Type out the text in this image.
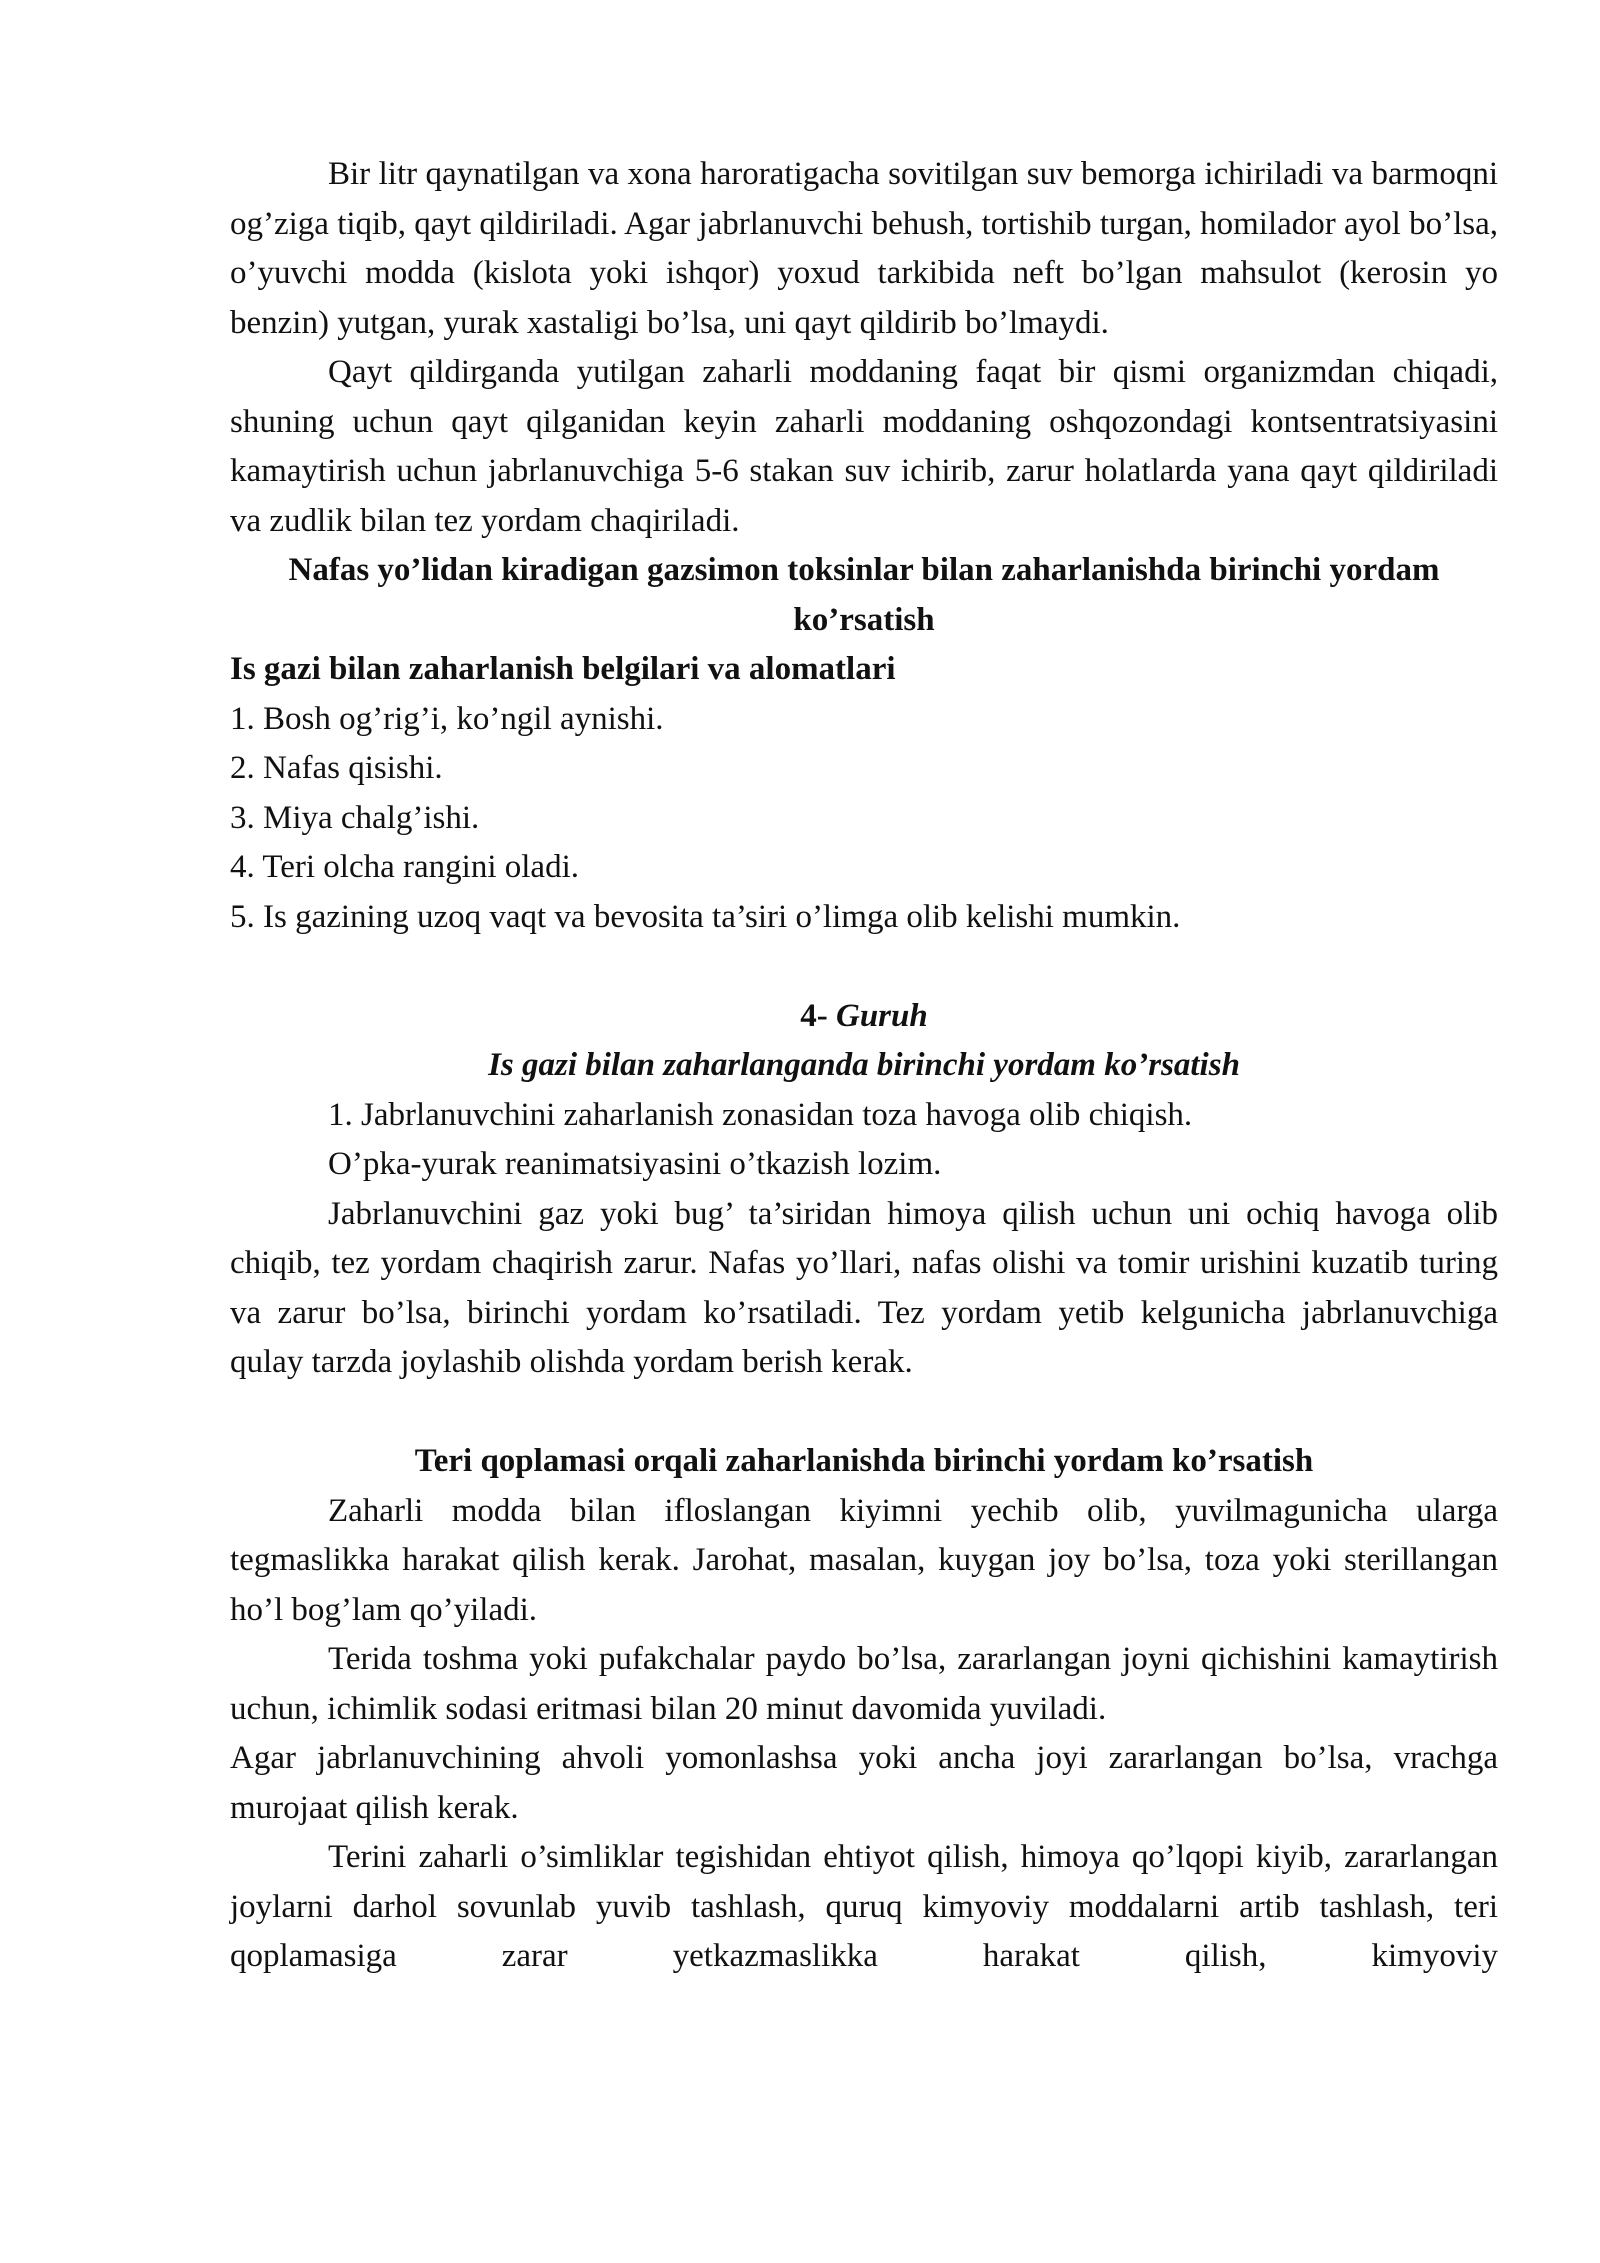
Bir litr qaynatilgan va xona haroratigacha sovitilgan suv bemorga ichiriladi va barmoqni og’ziga tiqib, qayt qildiriladi. Agar jabrlanuvchi behush, tortishib turgan, homilador ayol bo’lsa, o’yuvchi modda (kislota yoki ishqor) yoxud tarkibida neft bo’lgan mahsulot (kerosin yo benzin) yutgan, yurak xastaligi bo’lsa, uni qayt qildirib bo’lmaydi.

Qayt qildirganda yutilgan zaharli moddaning faqat bir qismi organizmdan chiqadi, shuning uchun qayt qilganidan keyin zaharli moddaning oshqozondagi kontsentratsiyasini kamaytirish uchun jabrlanuvchiga 5-6 stakan suv ichirib, zarur holatlarda yana qayt qildiriladi va zudlik bilan tez yordam chaqiriladi.

Nafas yo’lidan kiradigan gazsimon toksinlar bilan zaharlanishda birinchi yordam ko’rsatish

Is gazi bilan zaharlanish belgilari va alomatlari

1. Bosh og’rig’i, ko’ngil aynishi.

2. Nafas qisishi.

3. Miya chalg’ishi.

4. Teri olcha rangini oladi.

5. Is gazining uzoq vaqt va bevosita ta’siri o’limga olib kelishi mumkin.

4- Guruh

Is gazi bilan zaharlanganda birinchi yordam ko’rsatish

1. Jabrlanuvchini zaharlanish zonasidan toza havoga olib chiqish.

O’pka-yurak reanimatsiyasini o’tkazish lozim.

Jabrlanuvchini gaz yoki bug’ ta’siridan himoya qilish uchun uni ochiq havoga olib chiqib, tez yordam chaqirish zarur. Nafas yo’llari, nafas olishi va tomir urishini kuzatib turing va zarur bo’lsa, birinchi yordam ko’rsatiladi. Tez yordam yetib kelgunicha jabrlanuvchiga qulay tarzda joylashib olishda yordam berish kerak.

Teri qoplamasi orqali zaharlanishda birinchi yordam ko’rsatish

Zaharli modda bilan ifloslangan kiyimni yechib olib, yuvilmagunicha ularga tegmaslikka harakat qilish kerak. Jarohat, masalan, kuygan joy bo’lsa, toza yoki sterillangan ho’l bog’lam qo’yiladi.

Terida toshma yoki pufakchalar paydo bo’lsa, zararlangan joyni qichishini kamaytirish uchun, ichimlik sodasi eritmasi bilan 20 minut davomida yuviladi.

Agar jabrlanuvchining ahvoli yomonlashsa yoki ancha joyi zararlangan bo’lsa, vrachga murojaat qilish kerak.

Terini zaharli o’simliklar tegishidan ehtiyot qilish, himoya qo’lqopi kiyib, zararlangan joylarni darhol sovunlab yuvib tashlash, quruq kimyoviy moddalarni artib tashlash, teri qoplamasiga zarar yetkazmaslikka harakat qilish, kimyoviy
